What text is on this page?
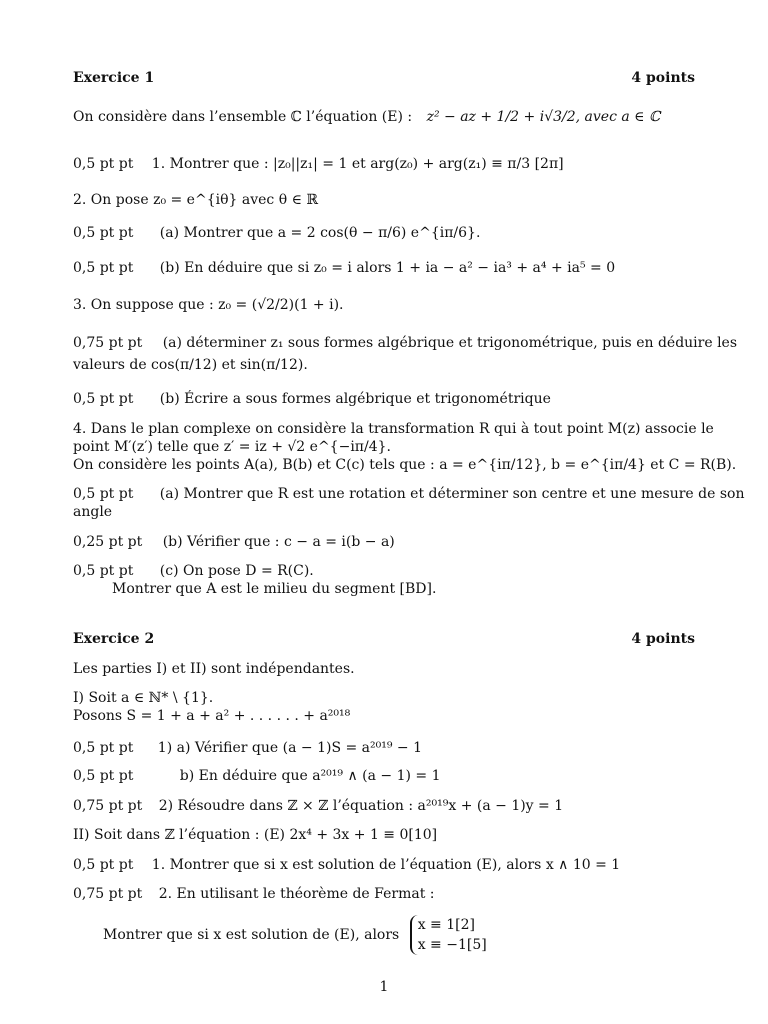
Exercice 1	4 points
On considère dans l’ensemble ℂ l’équation (E) : z² − az + 1/2 + i√3/2, avec a ∈ ℂ
0,5 pt pt 1. Montrer que : |z₀||z₁| = 1 et arg(z₀) + arg(z₁) ≡ π/3 [2π]
2. On pose z₀ = e^{iθ} avec θ ∈ ℝ
0,5 pt pt (a) Montrer que a = 2 cos(θ − π/6) e^{iπ/6}.
0,5 pt pt (b) En déduire que si z₀ = i alors 1 + ia − a² − ia³ + a⁴ + ia⁵ = 0
3. On suppose que : z₀ = (√2/2)(1 + i).
0,75 pt pt (a) déterminer z₁ sous formes algébrique et trigonométrique, puis en déduire les
valeurs de cos(π/12) et sin(π/12).
0,5 pt pt (b) Écrire a sous formes algébrique et trigonométrique
4. Dans le plan complexe on considère la transformation R qui à tout point M(z) associe le
point M′(z′) telle que z′ = iz + √2 e^{−iπ/4}.
On considère les points A(a), B(b) et C(c) tels que : a = e^{iπ/12}, b = e^{iπ/4} et C = R(B).
0,5 pt pt (a) Montrer que R est une rotation et déterminer son centre et une mesure de son
angle
0,25 pt pt (b) Vérifier que : c − a = i(b − a)
0,5 pt pt (c) On pose D = R(C).
Montrer que A est le milieu du segment [BD].
Exercice 2	4 points
Les parties I) et II) sont indépendantes.
I) Soit a ∈ ℕ* \ {1}.
Posons S = 1 + a + a² + . . . . . . + a²⁰¹⁸
0,5 pt pt 1) a) Vérifier que (a − 1)S = a²⁰¹⁹ − 1
0,5 pt pt	b) En déduire que a²⁰¹⁹ ∧ (a − 1) = 1
0,75 pt pt 2) Résoudre dans ℤ × ℤ l’équation : a²⁰¹⁹x + (a − 1)y = 1
II) Soit dans ℤ l’équation : (E) 2x⁴ + 3x + 1 ≡ 0[10]
0,5 pt pt 1. Montrer que si x est solution de l’équation (E), alors x ∧ 10 = 1
0,75 pt pt 2. En utilisant le théorème de Fermat :
Montrer que si x est solution de (E), alors
x ≡ 1[2]
x ≡ −1[5]
1
